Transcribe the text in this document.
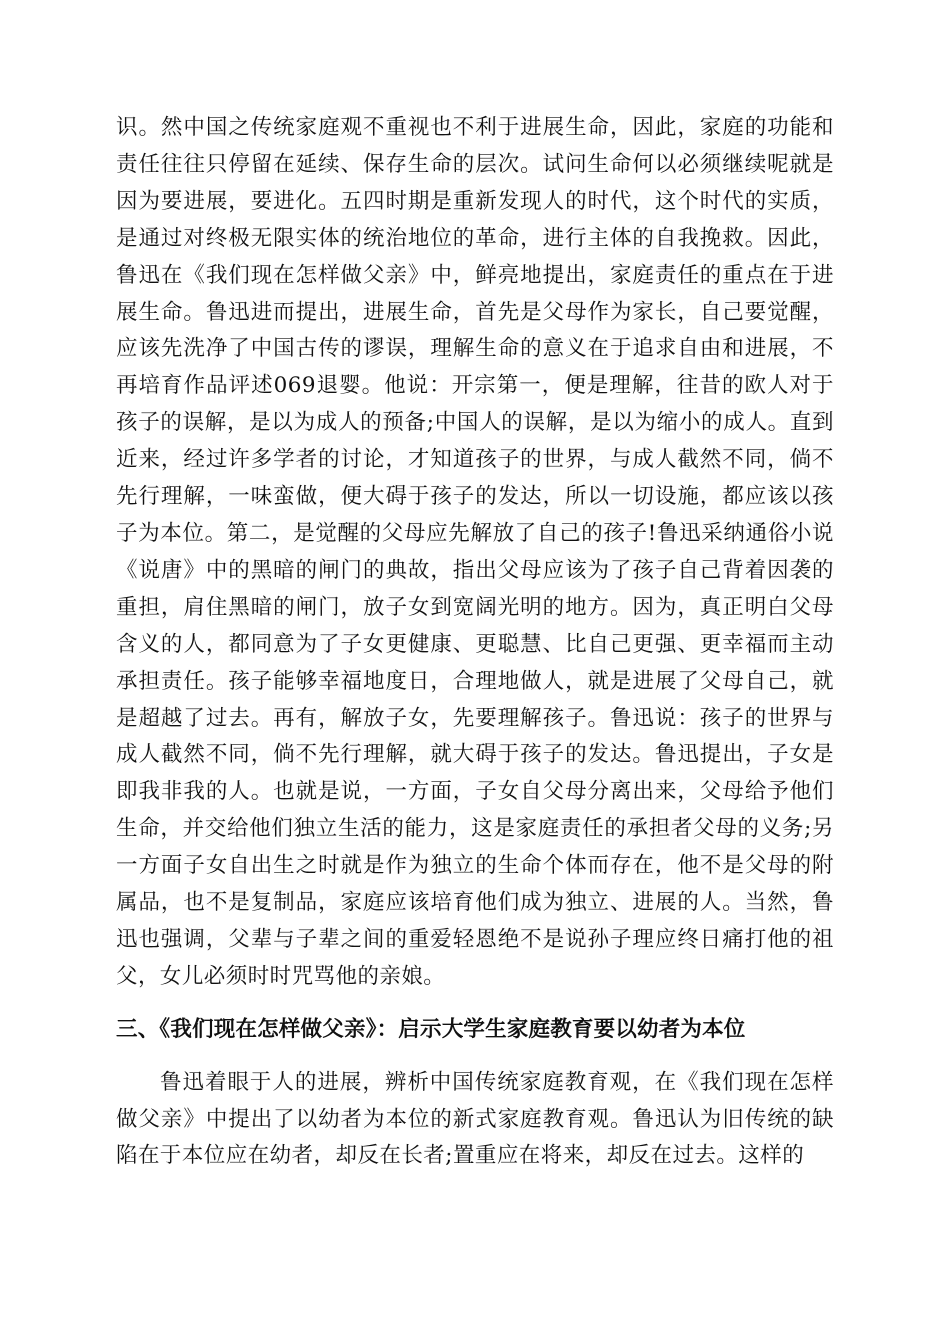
识。然中国之传统家庭观不重视也不利于进展生命，因此，家庭的功能和责任往往只停留在延续、保存生命的层次。试问生命何以必须继续呢就是因为要进展，要进化。五四时期是重新发现人的时代，这个时代的实质，是通过对终极无限实体的统治地位的革命，进行主体的自我挽救。因此，鲁迅在《我们现在怎样做父亲》中，鲜亮地提出，家庭责任的重点在于进展生命。鲁迅进而提出，进展生命，首先是父母作为家长，自己要觉醒，应该先洗净了中国古传的谬误，理解生命的意义在于追求自由和进展，不再培育作品评述069退婴。他说：开宗第一，便是理解，往昔的欧人对于孩子的误解，是以为成人的预备;中国人的误解，是以为缩小的成人。直到近来，经过许多学者的讨论，才知道孩子的世界，与成人截然不同，倘不先行理解，一味蛮做，便大碍于孩子的发达，所以一切设施，都应该以孩子为本位。第二，是觉醒的父母应先解放了自己的孩子!鲁迅采纳通俗小说《说唐》中的黑暗的闸门的典故，指出父母应该为了孩子自己背着因袭的重担，肩住黑暗的闸门，放子女到宽阔光明的地方。因为，真正明白父母含义的人，都同意为了子女更健康、更聪慧、比自己更强、更幸福而主动承担责任。孩子能够幸福地度日，合理地做人，就是进展了父母自己，就是超越了过去。再有，解放子女，先要理解孩子。鲁迅说：孩子的世界与成人截然不同，倘不先行理解，就大碍于孩子的发达。鲁迅提出，子女是即我非我的人。也就是说，一方面，子女自父母分离出来，父母给予他们生命，并交给他们独立生活的能力，这是家庭责任的承担者父母的义务;另一方面子女自出生之时就是作为独立的生命个体而存在，他不是父母的附属品，也不是复制品，家庭应该培育他们成为独立、进展的人。当然，鲁迅也强调，父辈与子辈之间的重爱轻恩绝不是说孙子理应终日痛打他的祖父，女儿必须时时咒骂他的亲娘。

三、《我们现在怎样做父亲》：启示大学生家庭教育要以幼者为本位

鲁迅着眼于人的进展，辨析中国传统家庭教育观，在《我们现在怎样做父亲》中提出了以幼者为本位的新式家庭教育观。鲁迅认为旧传统的缺陷在于本位应在幼者，却反在长者;置重应在将来，却反在过去。这样的
